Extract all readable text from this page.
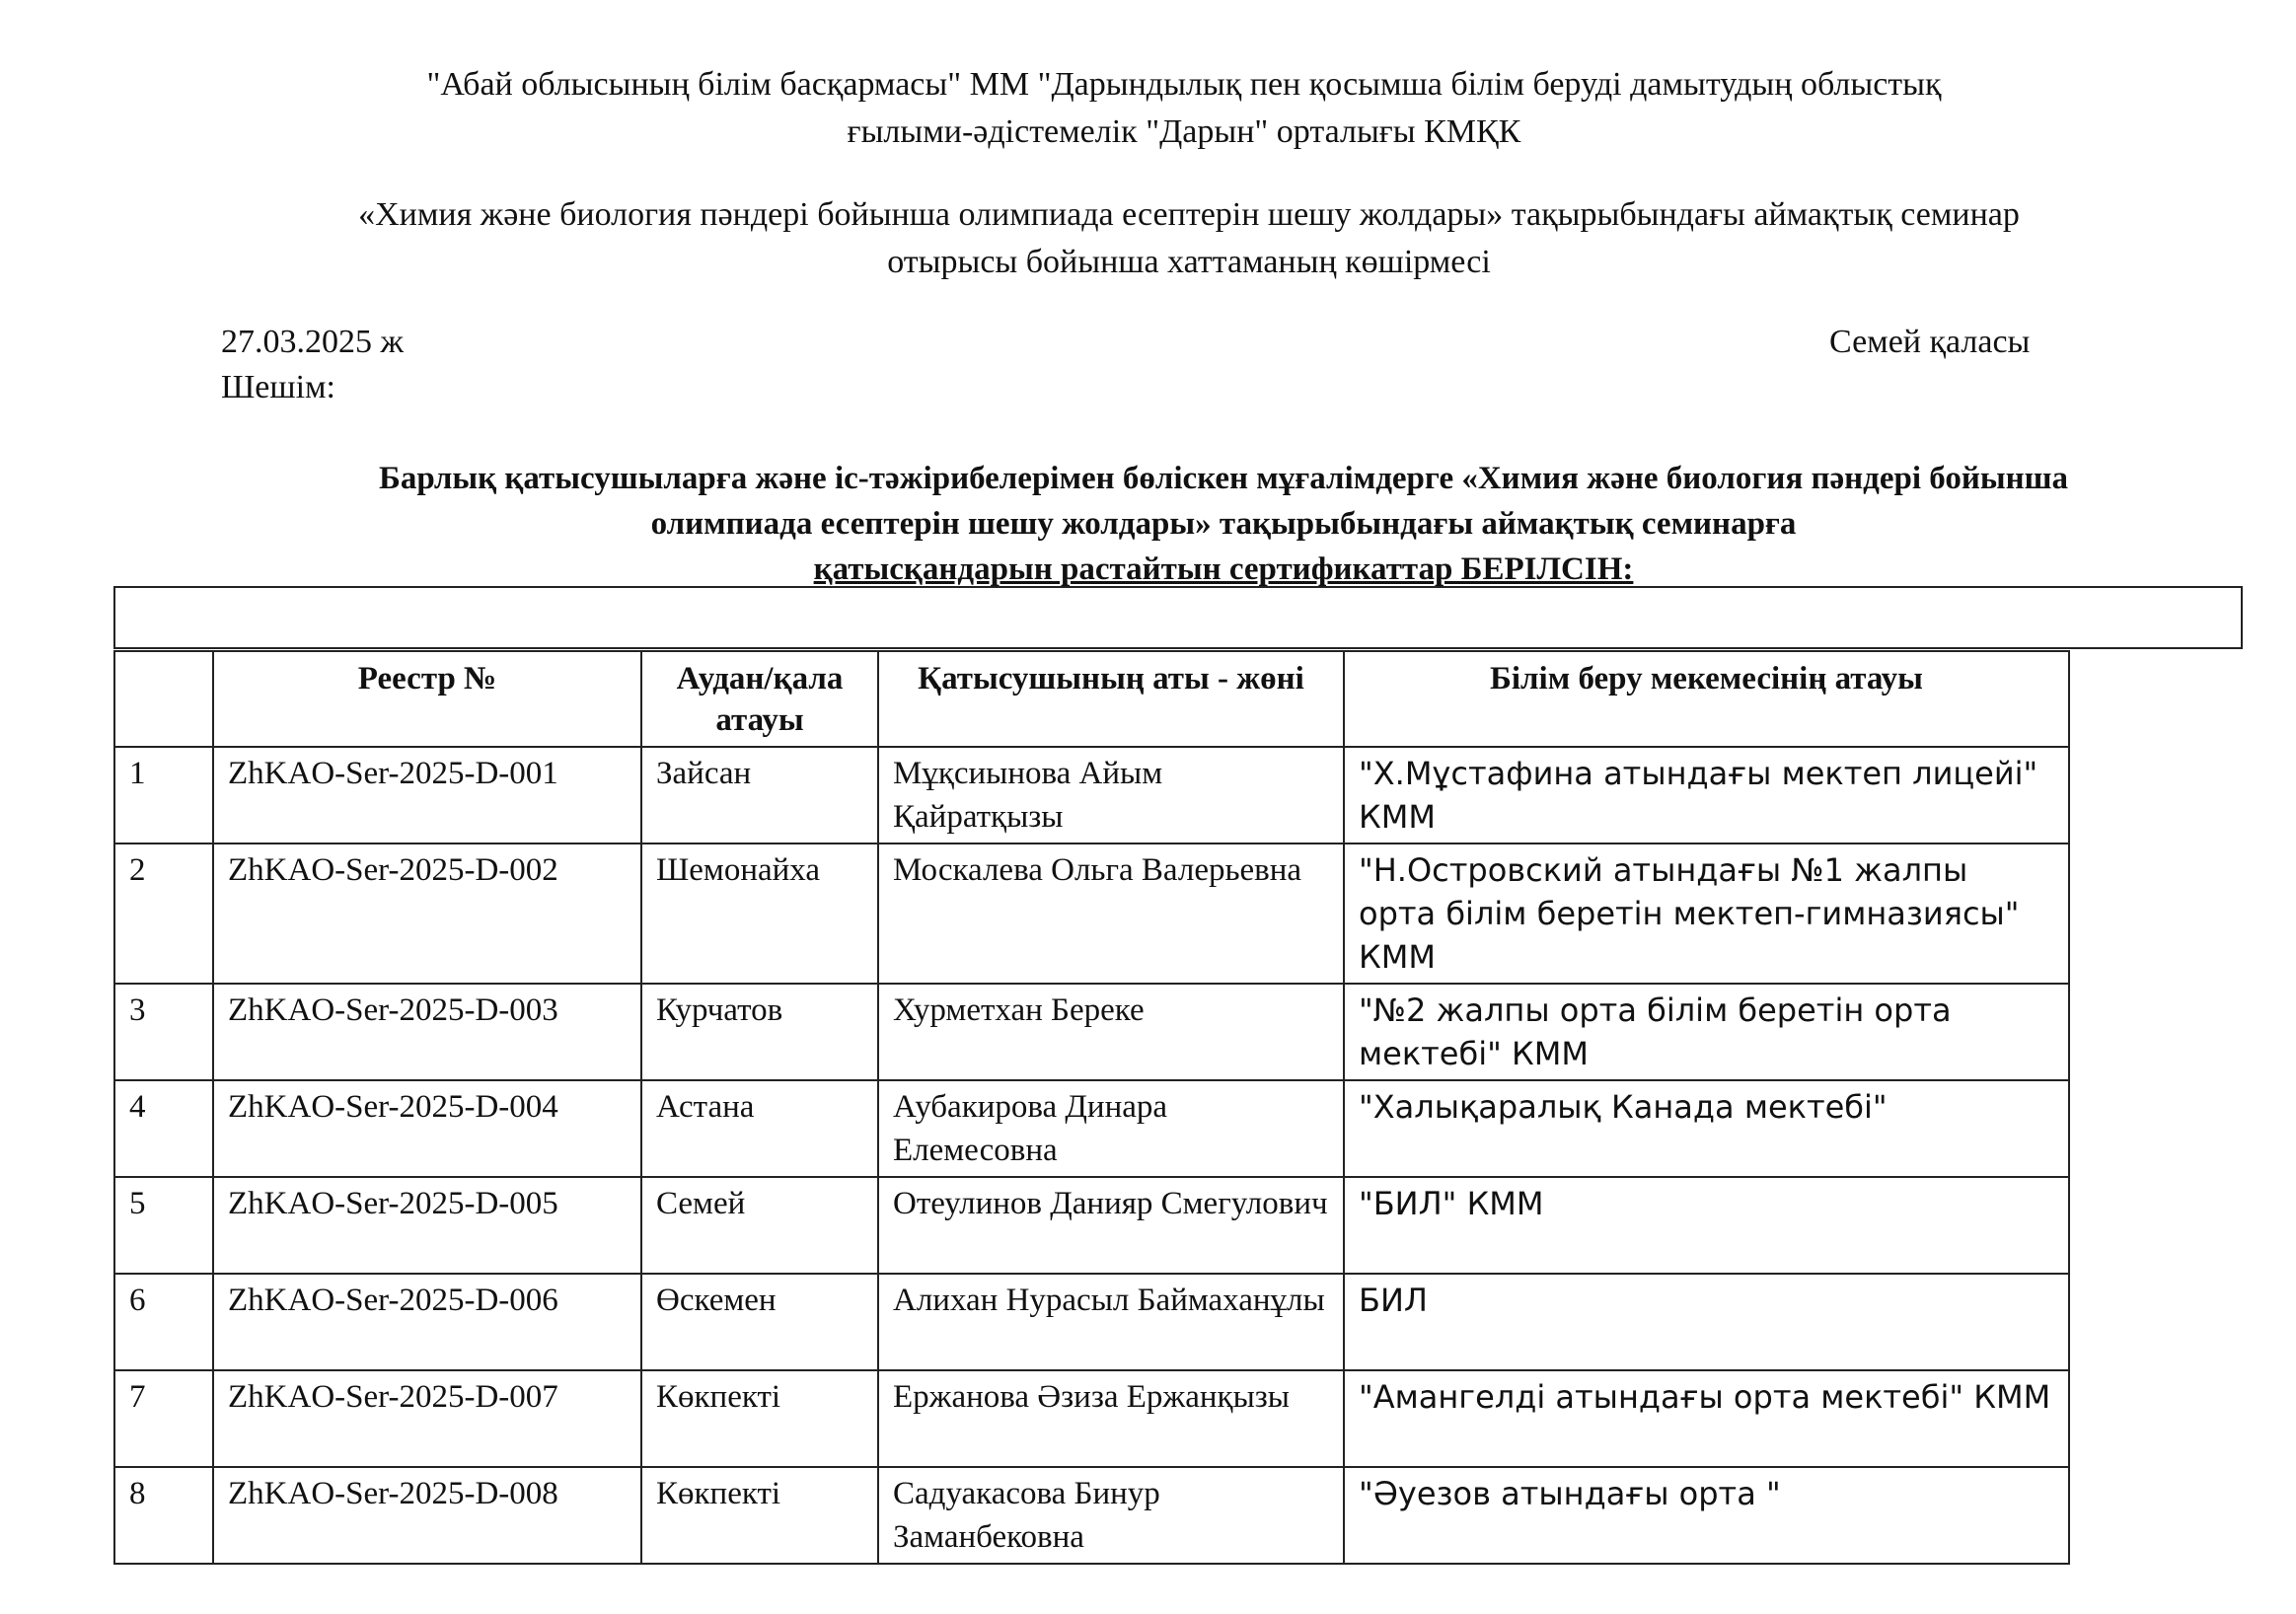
"Абай облысының білім басқармасы" ММ "Дарындылық пен қосымша білім беруді дамытудың облыстық
ғылыми-әдістемелік "Дарын" орталығы КМҚК
«Химия және биология пәндері бойынша олимпиада есептерін шешу жолдары» тақырыбындағы аймақтық семинар
отырысы бойынша хаттаманың көшірмесі
27.03.2025 ж
Шешім:
Семей қаласы
Барлық қатысушыларға және іс-тәжірибелерімен бөліскен мұғалімдерге «Химия және биология пәндері бойынша
олимпиада есептерін шешу жолдары» тақырыбындағы аймақтық семинарға
қатысқандарын растайтын сертификаттар БЕРІЛСІН:
	Реестр №	Аудан/қала атауы	Қатысушының аты - жөні	Білім беру мекемесінің атауы
1	ZhKAO-Ser-2025-D-001	Зайсан	Мұқсиынова Айым Қайратқызы	"Х.Мұстафина атындағы мектеп лицейі" КММ
2	ZhKAO-Ser-2025-D-002	Шемонайха	Москалева Ольга Валерьевна	"Н.Островский атындағы №1 жалпы орта білім беретін мектеп-гимназиясы" КММ
3	ZhKAO-Ser-2025-D-003	Курчатов	Хурметхан Береке	"№2 жалпы орта білім беретін орта мектебі" КММ
4	ZhKAO-Ser-2025-D-004	Астана	Аубакирова Динара Елемесовна	"Халықаралық Канада мектебі"
5	ZhKAO-Ser-2025-D-005	Семей	Отеулинов Данияр Смегулович	"БИЛ" КММ
6	ZhKAO-Ser-2025-D-006	Өскемен	Алихан Нурасыл Баймаханұлы	БИЛ
7	ZhKAO-Ser-2025-D-007	Көкпекті	Ержанова Әзиза Ержанқызы	"Амангелді атындағы орта мектебі" КММ
8	ZhKAO-Ser-2025-D-008	Көкпекті	Садуакасова Бинур Заманбековна	"Әуезов атындағы орта "
